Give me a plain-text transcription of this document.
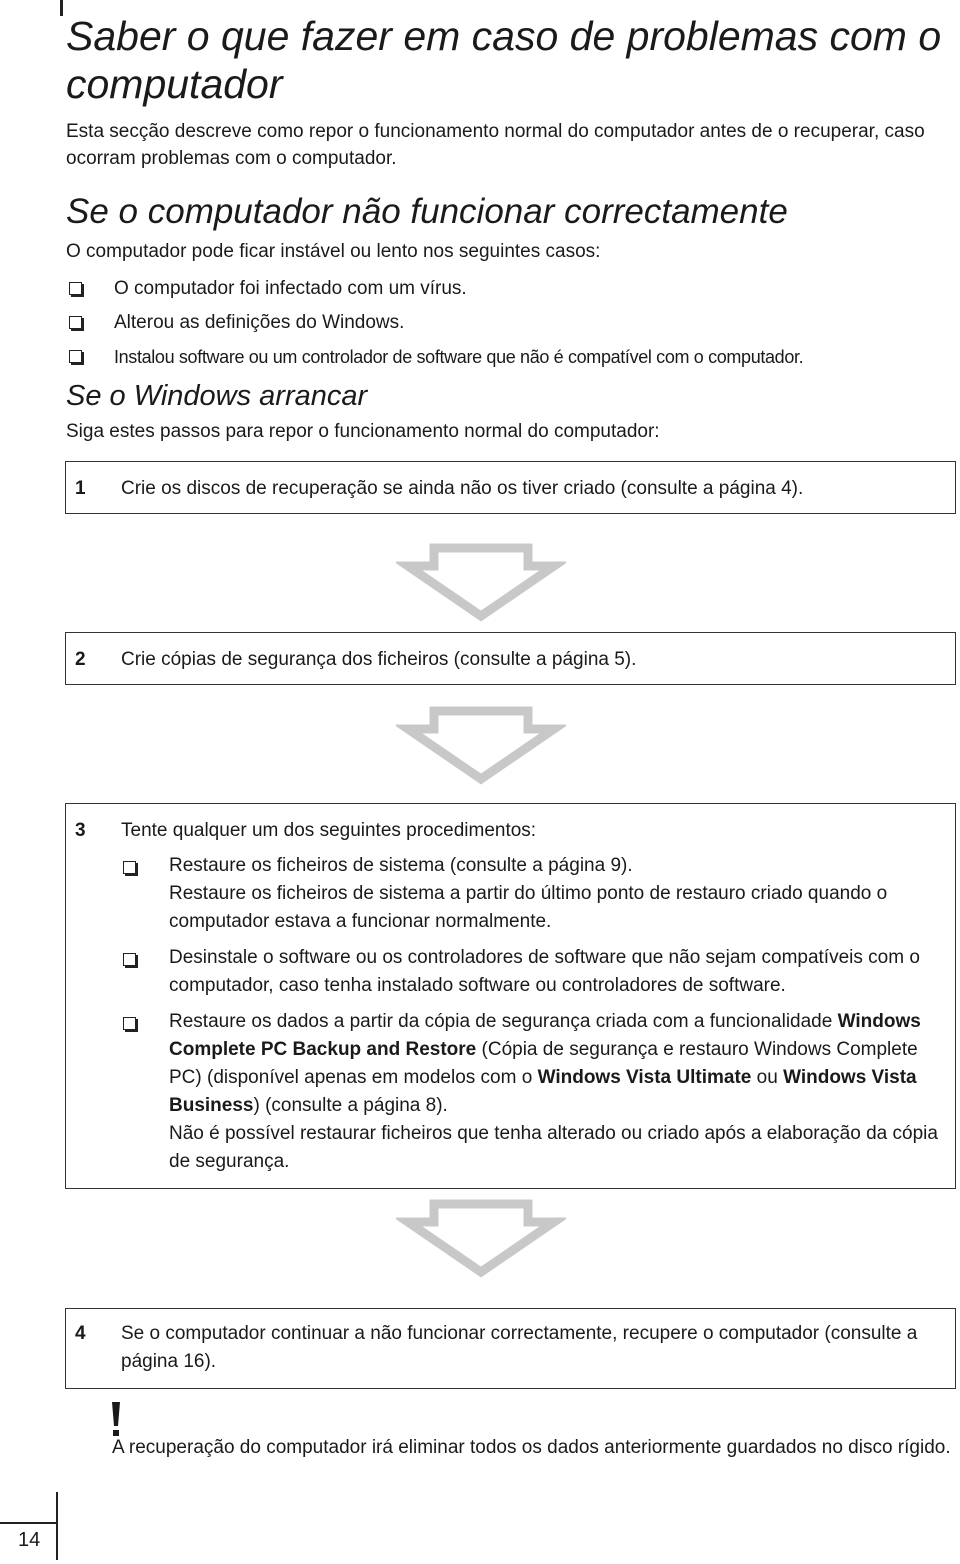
Saber o que fazer em caso de problemas com o computador
Esta secção descreve como repor o funcionamento normal do computador antes de o recuperar, caso ocorram problemas com o computador.
Se o computador não funcionar correctamente
O computador pode ficar instável ou lento nos seguintes casos:
O computador foi infectado com um vírus.
Alterou as definições do Windows.
Instalou software ou um controlador de software que não é compatível com o computador.
Se o Windows arrancar
Siga estes passos para repor o funcionamento normal do computador:
1 Crie os discos de recuperação se ainda não os tiver criado (consulte a página 4).
2 Crie cópias de segurança dos ficheiros (consulte a página 5).
3 Tente qualquer um dos seguintes procedimentos:
Restaure os ficheiros de sistema (consulte a página 9).
Restaure os ficheiros de sistema a partir do último ponto de restauro criado quando o computador estava a funcionar normalmente.
Desinstale o software ou os controladores de software que não sejam compatíveis com o computador, caso tenha instalado software ou controladores de software.
Restaure os dados a partir da cópia de segurança criada com a funcionalidade Windows Complete PC Backup and Restore (Cópia de segurança e restauro Windows Complete PC) (disponível apenas em modelos com o Windows Vista Ultimate ou Windows Vista Business) (consulte a página 8).
Não é possível restaurar ficheiros que tenha alterado ou criado após a elaboração da cópia de segurança.
4 Se o computador continuar a não funcionar correctamente, recupere o computador (consulte a página 16).
A recuperação do computador irá eliminar todos os dados anteriormente guardados no disco rígido.
14
